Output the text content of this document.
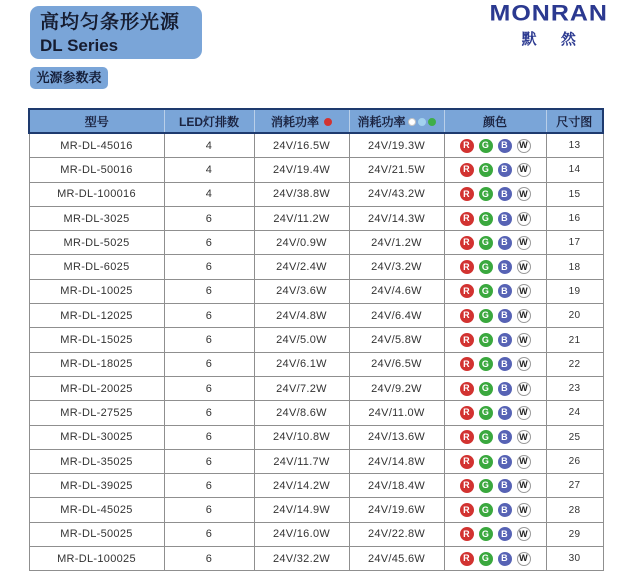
高均匀条形光源
DL Series
MONRAN
默 然
光源参数表
型号	LED灯排数	消耗功率	消耗功率	颜色	尺寸图
MR-DL-45016	4	24V/16.5W	24V/19.3W	R G B W	13
MR-DL-50016	4	24V/19.4W	24V/21.5W	R G B W	14
MR-DL-100016	4	24V/38.8W	24V/43.2W	R G B W	15
MR-DL-3025	6	24V/11.2W	24V/14.3W	R G B W	16
MR-DL-5025	6	24V/0.9W	24V/1.2W	R G B W	17
MR-DL-6025	6	24V/2.4W	24V/3.2W	R G B W	18
MR-DL-10025	6	24V/3.6W	24V/4.6W	R G B W	19
MR-DL-12025	6	24V/4.8W	24V/6.4W	R G B W	20
MR-DL-15025	6	24V/5.0W	24V/5.8W	R G B W	21
MR-DL-18025	6	24V/6.1W	24V/6.5W	R G B W	22
MR-DL-20025	6	24V/7.2W	24V/9.2W	R G B W	23
MR-DL-27525	6	24V/8.6W	24V/11.0W	R G B W	24
MR-DL-30025	6	24V/10.8W	24V/13.6W	R G B W	25
MR-DL-35025	6	24V/11.7W	24V/14.8W	R G B W	26
MR-DL-39025	6	24V/14.2W	24V/18.4W	R G B W	27
MR-DL-45025	6	24V/14.9W	24V/19.6W	R G B W	28
MR-DL-50025	6	24V/16.0W	24V/22.8W	R G B W	29
MR-DL-100025	6	24V/32.2W	24V/45.6W	R G B W	30
